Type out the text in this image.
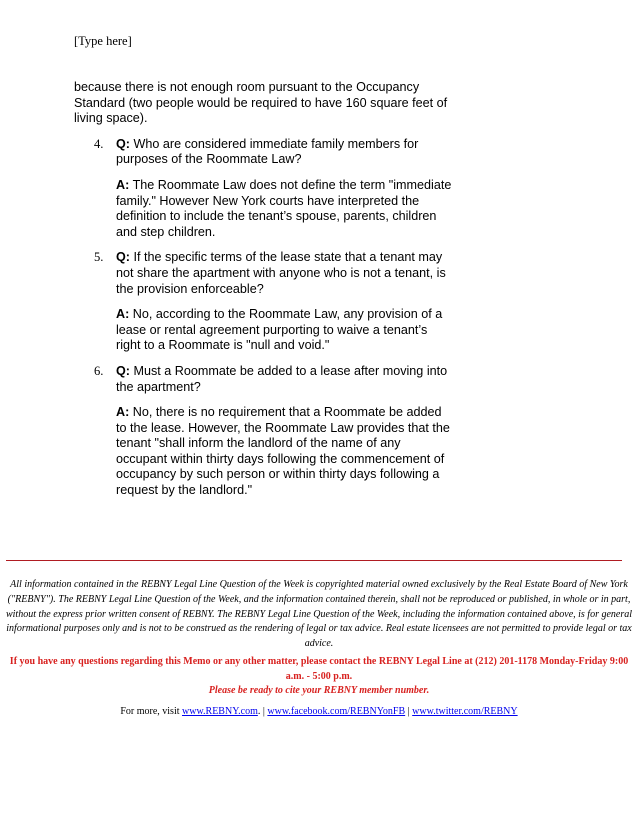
[Type here]

because there is not enough room pursuant to the Occupancy Standard (two people would be required to have 160 square feet of living space).

4. Q: Who are considered immediate family members for purposes of the Roommate Law?

A: The Roommate Law does not define the term "immediate family." However New York courts have interpreted the definition to include the tenant’s spouse, parents, children and step children.

5. Q: If the specific terms of the lease state that a tenant may not share the apartment with anyone who is not a tenant, is the provision enforceable?

A: No, according to the Roommate Law, any provision of a lease or rental agreement purporting to waive a tenant’s right to a Roommate is "null and void."

6. Q: Must a Roommate be added to a lease after moving into the apartment?

A: No, there is no requirement that a Roommate be added to the lease. However, the Roommate Law provides that the tenant "shall inform the landlord of the name of any occupant within thirty days following the commencement of occupancy by such person or within thirty days following a request by the landlord."

All information contained in the REBNY Legal Line Question of the Week is copyrighted material owned exclusively by the Real Estate Board of New York ("REBNY"). The REBNY Legal Line Question of the Week, and the information contained therein, shall not be reproduced or published, in whole or in part, without the express prior written consent of REBNY. The REBNY Legal Line Question of the Week, including the information contained above, is for general informational purposes only and is not to be construed as the rendering of legal or tax advice. Real estate licensees are not permitted to provide legal or tax advice.
If you have any questions regarding this Memo or any other matter, please contact the REBNY Legal Line at (212) 201-1178 Monday-Friday 9:00 a.m. - 5:00 p.m.
Please be ready to cite your REBNY member number.
For more, visit www.REBNY.com. | www.facebook.com/REBNYonFB | www.twitter.com/REBNY
